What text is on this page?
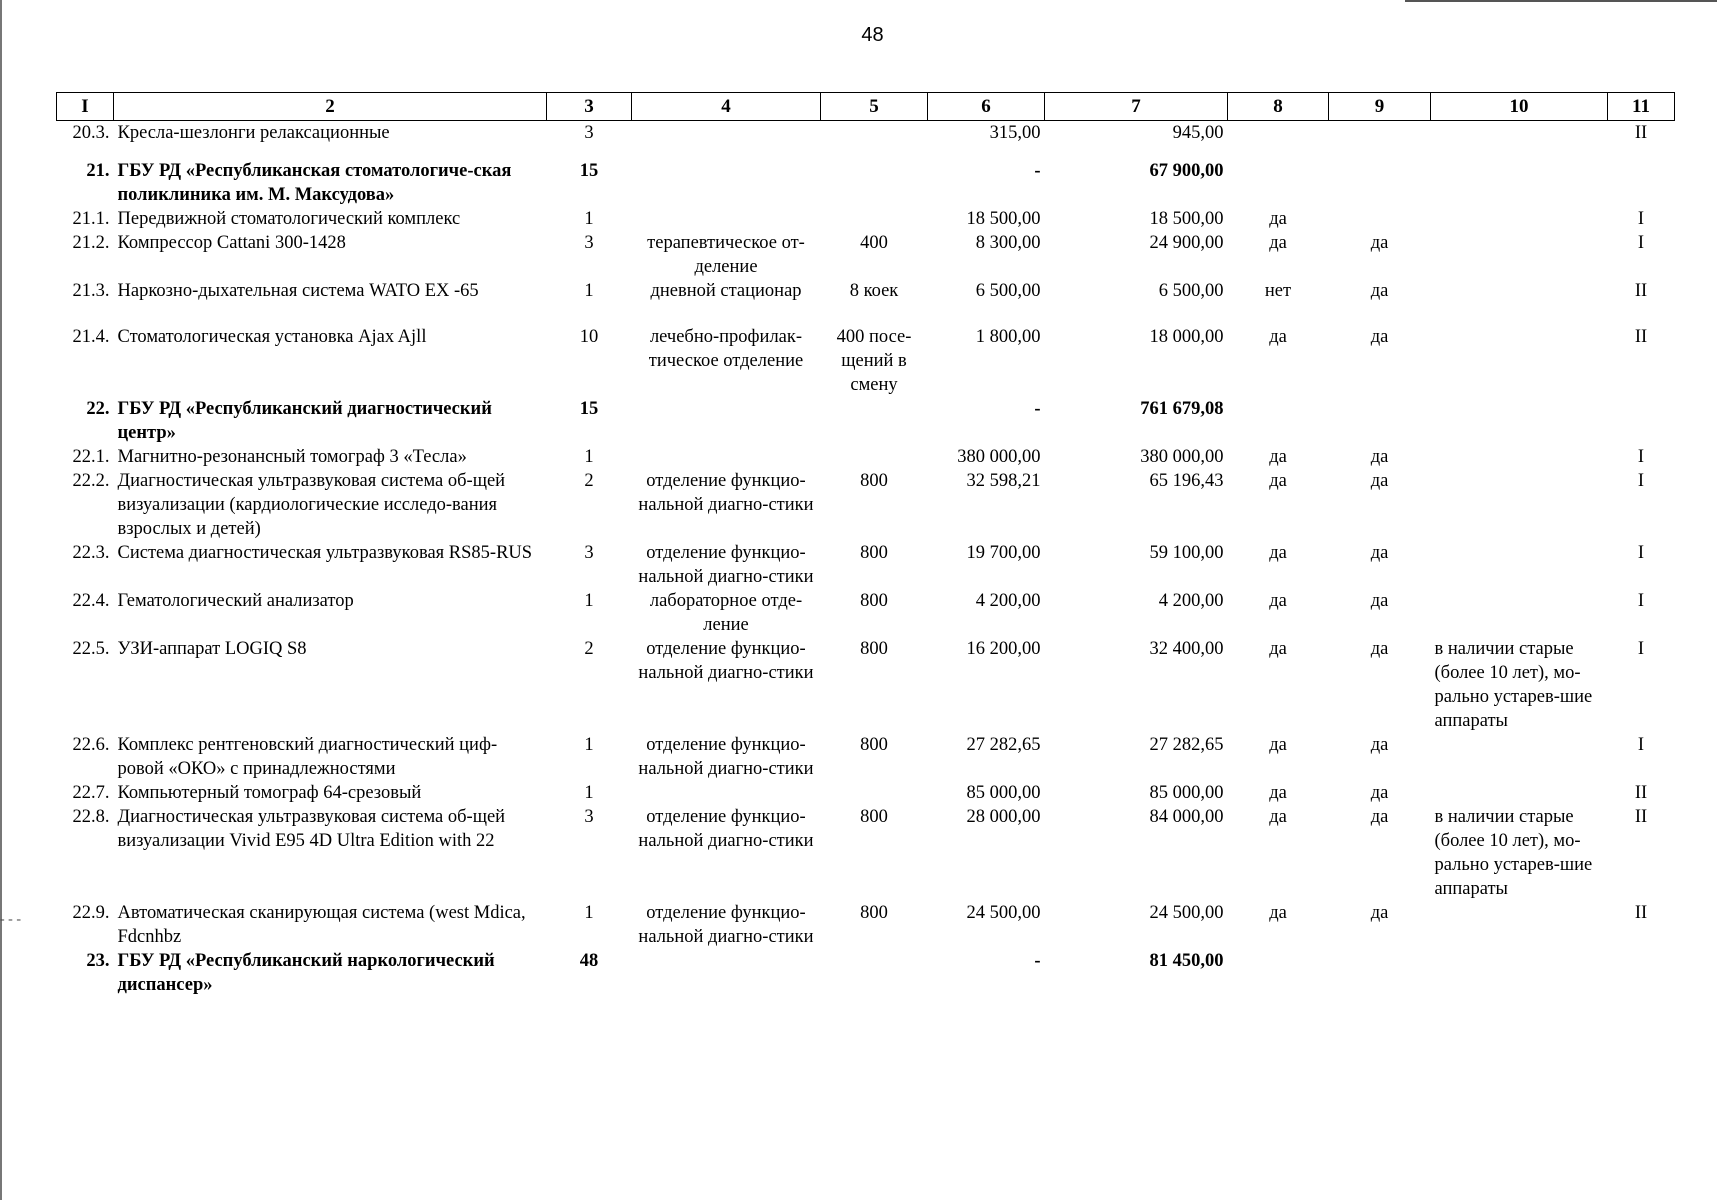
- - -
48
I	2	3	4	5	6	7	8	9	10	11
20.3.	Кресла-шезлонги релаксационные	3			315,00	945,00				II

21.	ГБУ РД «Республиканская стоматологиче-ская поликлиника им. М. Максудова»	15			-	67 900,00				
21.1.	Передвижной стоматологический комплекс	1			18 500,00	18 500,00	да			I
21.2.	Компрессор Cattani 300-1428	3	терапевтическое от-деление	400	8 300,00	24 900,00	да	да		I
21.3.	Наркозно-дыхательная система WATO EX -65	1	дневной стационар	8 коек	6 500,00	6 500,00	нет	да		II

21.4.	Стоматологическая установка Ajax Ajll	10	лечебно-профилак-тическое отделение	400 посе-щений в смену	1 800,00	18 000,00	да	да		II
22.	ГБУ РД «Республиканский диагностический центр»	15			-	761 679,08				
22.1.	Магнитно-резонансный томограф 3 «Тесла»	1			380 000,00	380 000,00	да	да		I
22.2.	Диагностическая ультразвуковая система об-щей визуализации (кардиологические исследо-вания взрослых и детей)	2	отделение функцио-нальной диагно-стики	800	32 598,21	65 196,43	да	да		I
22.3.	Система диагностическая ультразвуковая RS85-RUS	3	отделение функцио-нальной диагно-стики	800	19 700,00	59 100,00	да	да		I
22.4.	Гематологический анализатор	1	лабораторное отде-ление	800	4 200,00	4 200,00	да	да		I
22.5.	УЗИ-аппарат LOGIQ S8	2	отделение функцио-нальной диагно-стики	800	16 200,00	32 400,00	да	да	в наличии старые (более 10 лет), мо-рально устарев-шие аппараты	I
22.6.	Комплекс рентгеновский диагностический циф-ровой «ОКО» с принадлежностями	1	отделение функцио-нальной диагно-стики	800	27 282,65	27 282,65	да	да		I
22.7.	Компьютерный томограф 64-срезовый	1			85 000,00	85 000,00	да	да		II
22.8.	Диагностическая ультразвуковая система об-щей визуализации Vivid E95 4D Ultra Edition with 22	3	отделение функцио-нальной диагно-стики	800	28 000,00	84 000,00	да	да	в наличии старые (более 10 лет), мо-рально устарев-шие аппараты	II
22.9.	Автоматическая сканирующая система (west Mdica, Fdcnhbz	1	отделение функцио-нальной диагно-стики	800	24 500,00	24 500,00	да	да		II
23.	ГБУ РД «Республиканский наркологический диспансер»	48			-	81 450,00				
